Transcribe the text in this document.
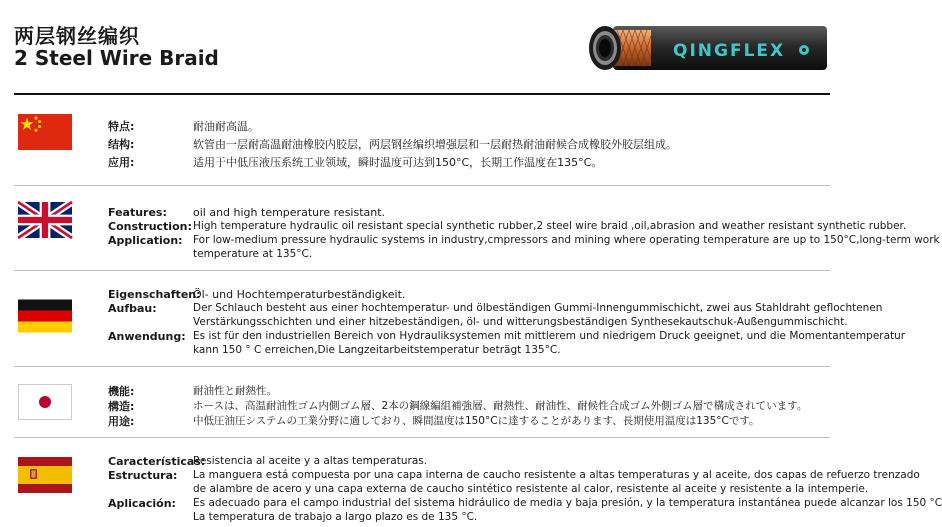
两层钢丝编织
2 Steel Wire Braid	QINGFLEX
特点:	耐油耐高温。
结构:	软管由一层耐高温耐油橡胶内胶层，两层钢丝编织增强层和一层耐热耐油耐候合成橡胶外胶层组成。
应用:	适用于中低压液压系统工业领域，瞬时温度可达到150°C，长期工作温度在135°C。
Features: oil and high temperature resistant.
Construction: High temperature hydraulic oil resistant special synthetic rubber,2 steel wire braid ,oil,abrasion and weather resistant synthetic rubber.
Application: For low-medium pressure hydraulic systems in industry,cmpressors and mining where operating temperature are up to 150°C,long-term work
temperature at 135°C.
Eigenschaften:
Öl- und Hochtemperaturbeständigkeit.
Aufbau:	Der Schlauch besteht aus einer hochtemperatur- und ölbeständigen Gummi-Innengummischicht, zwei aus Stahldraht geflochtenen
Verstärkungsschichten und einer hitzebeständigen, öl- und witterungsbeständigen Synthesekautschuk-Außengummischicht.
Anwendung: Es ist für den industriellen Bereich von Hydrauliksystemen mit mittlerem und niedrigem Druck geeignet, und die Momentantemperatur
kann 150 ° C erreichen,Die Langzeitarbeitstemperatur beträgt 135°C.
機能:	耐油性と耐熱性。
構造:	ホースは、高温耐油性ゴム内側ゴム層、2本の鋼線編組補強層、耐熱性、耐油性、耐候性合成ゴム外側ゴム層で構成されています。
用途:	中低圧油圧システムの工業分野に適しており、瞬間温度は150°Cに達することがあります、長期使用温度は135°Cです。
Características:
Resistencia al aceite y a altas temperaturas.
Estructura: La manguera está compuesta por una capa interna de caucho resistente a altas temperaturas y al aceite, dos capas de refuerzo trenzado
de alambre de acero y una capa externa de caucho sintético resistente al calor, resistente al aceite y resistente a la intemperie.
Aplicación: Es adecuado para el campo industrial del sistema hidráulico de media y baja presión, y la temperatura instantánea puede alcanzar los 150 °C
La temperatura de trabajo a largo plazo es de 135 °C.
